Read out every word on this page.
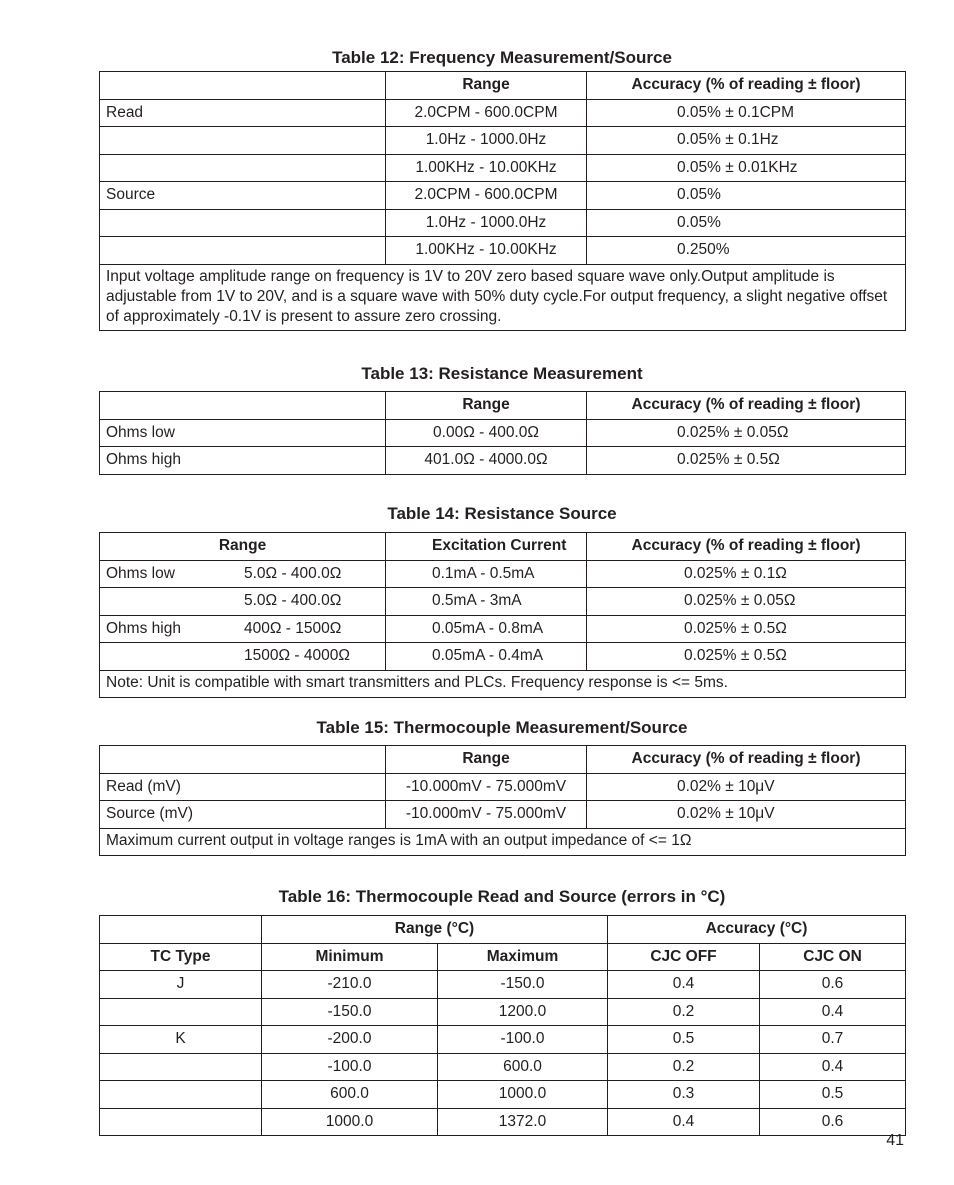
Table 12: Frequency Measurement/Source
	Range	Accuracy (% of reading ± floor)
Read	2.0CPM - 600.0CPM	0.05% ± 0.1CPM
	1.0Hz - 1000.0Hz	0.05% ± 0.1Hz
	1.00KHz - 10.00KHz	0.05% ± 0.01KHz
Source	2.0CPM - 600.0CPM	0.05%
	1.0Hz - 1000.0Hz	0.05%
	1.00KHz - 10.00KHz	0.250%
Input voltage amplitude range on frequency is 1V to 20V zero based square wave only.Output amplitude is adjustable from 1V to 20V, and is a square wave with 50% duty cycle.For output frequency, a slight negative offset of approximately -0.1V is present to assure zero crossing.		
Table 13: Resistance Measurement
	Range	Accuracy (% of reading ± floor)
Ohms low	0.00Ω - 400.0Ω	0.025% ± 0.05Ω
Ohms high	401.0Ω - 4000.0Ω	0.025% ± 0.5Ω
Table 14: Resistance Source
Range	Excitation Current	Accuracy (% of reading ± floor)
Ohms low 5.0Ω - 400.0Ω	0.1mA - 0.5mA	0.025% ± 0.1Ω
5.0Ω - 400.0Ω	0.5mA - 3mA	0.025% ± 0.05Ω
Ohms high 400Ω - 1500Ω	0.05mA - 0.8mA	0.025% ± 0.5Ω
1500Ω - 4000Ω	0.05mA - 0.4mA	0.025% ± 0.5Ω
Note: Unit is compatible with smart transmitters and PLCs. Frequency response is <= 5ms.		
Table 15: Thermocouple Measurement/Source
	Range	Accuracy (% of reading ± floor)
Read (mV)	-10.000mV - 75.000mV	0.02% ± 10μV
Source (mV)	-10.000mV - 75.000mV	0.02% ± 10μV
Maximum current output in voltage ranges is 1mA with an output impedance of <= 1Ω		
Table 16: Thermocouple Read and Source (errors in °C)
	Range (°C)		Accuracy (°C)	
TC Type	Minimum	Maximum	CJC OFF	CJC ON
J	-210.0	-150.0	0.4	0.6
	-150.0	1200.0	0.2	0.4
K	-200.0	-100.0	0.5	0.7
	-100.0	600.0	0.2	0.4
	600.0	1000.0	0.3	0.5
	1000.0	1372.0	0.4	0.6
41
